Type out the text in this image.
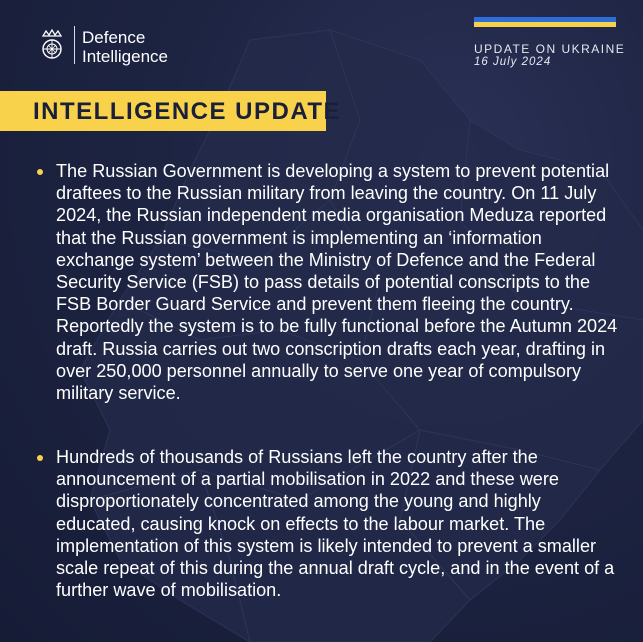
Defence
Intelligence	UPDATE ON UKRAINE
16 July 2024
INTELLIGENCE UPDATE
The Russian Government is developing a system to prevent potential draftees to the Russian military from leaving the country. On 11 July 2024, the Russian independent media organisation Meduza reported that the Russian government is implementing an ‘information exchange system’ between the Ministry of Defence and the Federal Security Service (FSB) to pass details of potential conscripts to the FSB Border Guard Service and prevent them fleeing the country. Reportedly the system is to be fully functional before the Autumn 2024 draft. Russia carries out two conscription drafts each year, drafting in over 250,000 personnel annually to serve one year of compulsory military service.
Hundreds of thousands of Russians left the country after the announcement of a partial mobilisation in 2022 and these were disproportionately concentrated among the young and highly educated, causing knock on effects to the labour market. The implementation of this system is likely intended to prevent a smaller scale repeat of this during the annual draft cycle, and in the event of a further wave of mobilisation.
